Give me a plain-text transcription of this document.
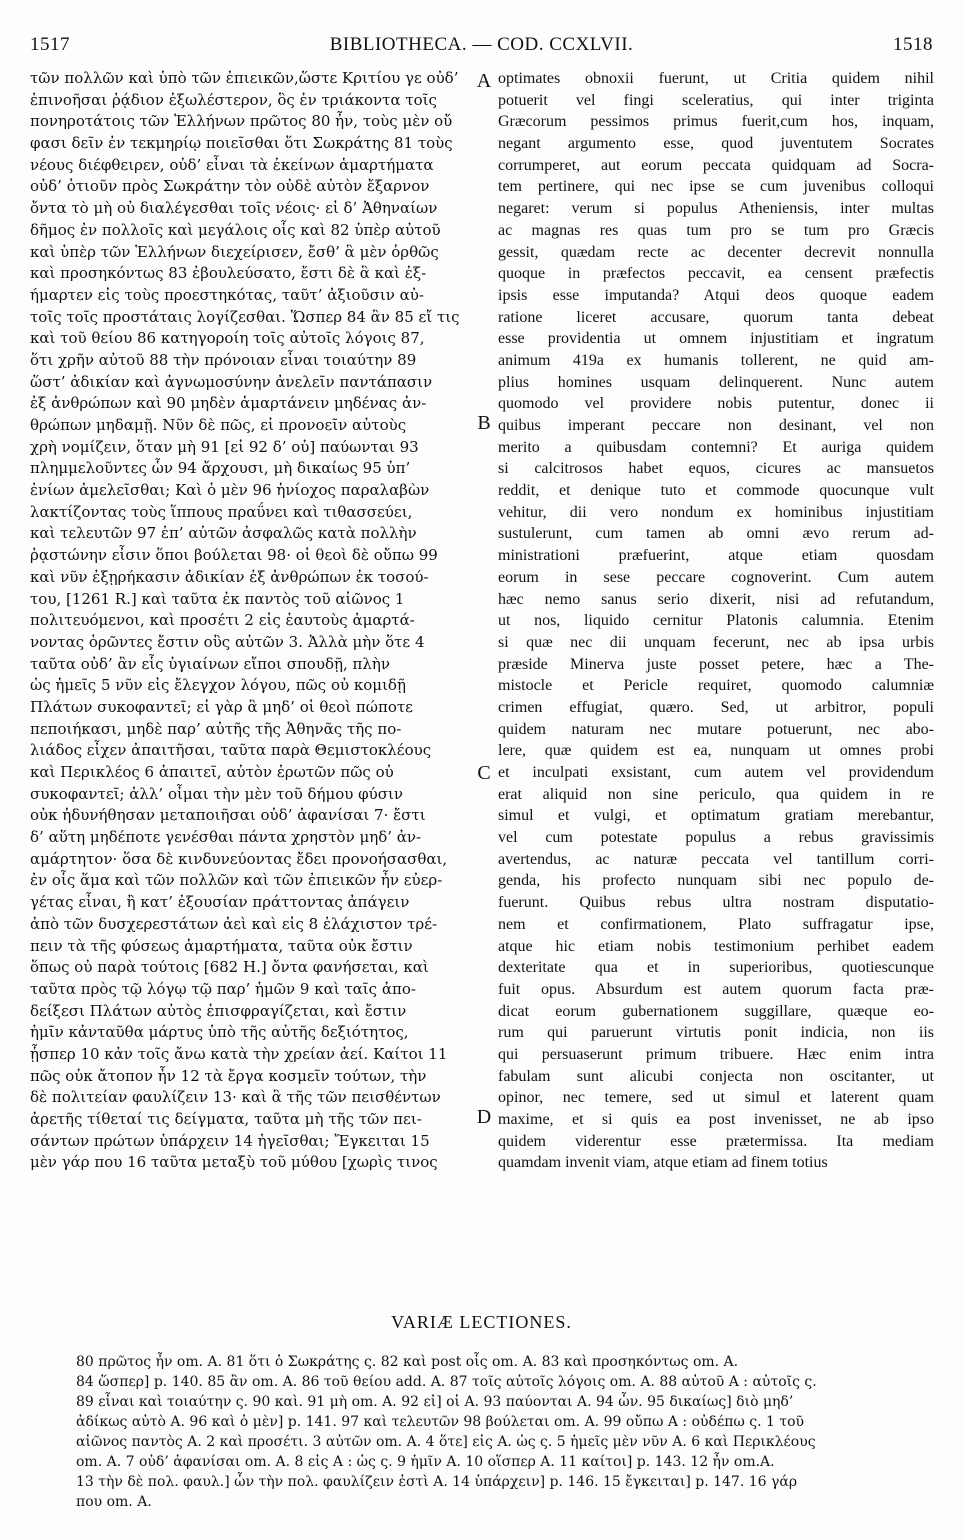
1517	BIBLIOTHECA. — COD. CCXLVII.	1518
τῶν πολλῶν καὶ ὑπὸ τῶν ἐπιεικῶν,ὥστε Κριτίου γε οὐδ’
ἐπινοῆσαι ῥᾴδιον ἐξωλέστερον, ὃς ἐν τριάκοντα τοῖς
πονηροτάτοις τῶν Ἑλλήνων πρῶτος 80 ἦν, τοὺς μὲν οὔ
φασι δεῖν ἐν τεκμηρίῳ ποιεῖσθαι ὅτι Σωκράτης 81 τοὺς
νέους διέφθειρεν, οὐδ’ εἶναι τὰ ἐκείνων ἁμαρτήματα
οὐδ’ ὁτιοῦν πρὸς Σωκράτην τὸν οὐδὲ αὐτὸν ἔξαρνον
ὄντα τὸ μὴ οὐ διαλέγεσθαι τοῖς νέοις· εἰ δ’ Ἀθηναίων
δῆμος ἐν πολλοῖς καὶ μεγάλοις οἷς καὶ 82 ὑπὲρ αὐτοῦ
καὶ ὑπὲρ τῶν Ἑλλήνων διεχείρισεν, ἔσθ’ ἃ μὲν ὀρθῶς
καὶ προσηκόντως 83 ἐβουλεύσατο, ἔστι δὲ ἃ καὶ ἐξ-
ήμαρτεν εἰς τοὺς προεστηκότας, ταῦτ’ ἀξιοῦσιν αὐ-
τοῖς τοῖς προστάταις λογίζεσθαι. Ὥσπερ 84 ἂν 85 εἴ τις
καὶ τοῦ θείου 86 κατηγοροίη τοῖς αὐτοῖς λόγοις 87,
ὅτι χρῆν αὐτοῦ 88 τὴν πρόνοιαν εἶναι τοιαύτην 89
ὥστ’ ἀδικίαν καὶ ἀγνωμοσύνην ἀνελεῖν παντάπασιν
ἐξ ἀνθρώπων καὶ 90 μηδὲν ἁμαρτάνειν μηδένας ἀν-
θρώπων μηδαμῇ. Νῦν δὲ πῶς, εἰ προνοεῖν αὐτοὺς
χρὴ νομίζειν, ὅταν μὴ 91 [εἰ 92 δ’ οὐ] παύωνται 93
πλημμελοῦντες ὧν 94 ἄρχουσι, μὴ δικαίως 95 ὑπ’
ἐνίων ἀμελεῖσθαι; Καὶ ὁ μὲν 96 ἡνίοχος παραλαβὼν
λακτίζοντας τοὺς ἵππους πραΰνει καὶ τιθασσεύει,
καὶ τελευτῶν 97 ἐπ’ αὐτῶν ἀσφαλῶς κατὰ πολλὴν
ῥᾳστώνην εἶσιν ὅποι βούλεται 98· οἱ θεοὶ δὲ οὔπω 99
καὶ νῦν ἐξῃρήκασιν ἀδικίαν ἐξ ἀνθρώπων ἐκ τοσού-
του, [1261 R.] καὶ ταῦτα ἐκ παντὸς τοῦ αἰῶνος 1
πολιτευόμενοι, καὶ προσέτι 2 εἰς ἑαυτοὺς ἁμαρτά-
νοντας ὁρῶντες ἔστιν οὓς αὐτῶν 3. Ἀλλὰ μὴν ὅτε 4
ταῦτα οὐδ’ ἂν εἷς ὑγιαίνων εἴποι σπουδῇ, πλὴν
ὡς ἡμεῖς 5 νῦν εἰς ἔλεγχον λόγου, πῶς οὐ κομιδῇ
Πλάτων συκοφαντεῖ; εἰ γὰρ ἃ μηδ’ οἱ θεοὶ πώποτε
πεποιήκασι, μηδὲ παρ’ αὐτῆς τῆς Ἀθηνᾶς τῆς πο-
λιάδος εἶχεν ἀπαιτῆσαι, ταῦτα παρὰ Θεμιστοκλέους
καὶ Περικλέος 6 ἀπαιτεῖ, αὐτὸν ἐρωτῶν πῶς οὐ
συκοφαντεῖ; ἀλλ’ οἶμαι τὴν μὲν τοῦ δήμου φύσιν
οὐκ ἠδυνήθησαν μεταποιῆσαι οὐδ’ ἀφανίσαι 7· ἔστι
δ’ αὕτη μηδέποτε γενέσθαι πάντα χρηστὸν μηδ’ ἀν-
αμάρτητον· ὅσα δὲ κινδυνεύοντας ἔδει προνοήσασθαι,
ἐν οἷς ἅμα καὶ τῶν πολλῶν καὶ τῶν ἐπιεικῶν ἦν εὐερ-
γέτας εἶναι, ἢ κατ’ ἐξουσίαν πράττοντας ἀπάγειν
ἀπὸ τῶν δυσχερεστάτων ἀεὶ καὶ εἰς 8 ἐλάχιστον τρέ-
πειν τὰ τῆς φύσεως ἁμαρτήματα, ταῦτα οὐκ ἔστιν
ὅπως οὐ παρὰ τούτοις [682 H.] ὄντα φανήσεται, καὶ
ταῦτα πρὸς τῷ λόγῳ τῷ παρ’ ἡμῶν 9 καὶ ταῖς ἀπο-
δείξεσι Πλάτων αὐτὸς ἐπισφραγίζεται, καὶ ἔστιν
ἡμῖν κἀνταῦθα μάρτυς ὑπὸ τῆς αὐτῆς δεξιότητος,
ᾗσπερ 10 κἀν τοῖς ἄνω κατὰ τὴν χρείαν ἀεί. Καίτοι 11
πῶς οὐκ ἄτοπον ἦν 12 τὰ ἔργα κοσμεῖν τούτων, τὴν
δὲ πολιτείαν φαυλίζειν 13· καὶ ἃ τῆς τῶν πεισθέντων
ἀρετῆς τίθεταί τις δείγματα, ταῦτα μὴ τῆς τῶν πει-
σάντων πρώτων ὑπάρχειν 14 ἡγεῖσθαι; Ἔγκειται 15
μὲν γάρ που 16 ταῦτα μεταξὺ τοῦ μύθου [χωρὶς τινος
optimates obnoxii fuerunt, ut Critia quidem nihil
potuerit vel fingi sceleratius, qui inter triginta
Græcorum pessimos primus fuerit,cum hos, inquam,
negant argumento esse, quod juventutem Socrates
corrumperet, aut eorum peccata quidquam ad Socra-
tem pertinere, qui nec ipse se cum juvenibus colloqui
negaret: verum si populus Atheniensis, inter multas
ac magnas res quas tum pro se tum pro Græcis
gessit, quædam recte ac decenter decrevit nonnulla
quoque in præfectos peccavit, ea censent præfectis
ipsis esse imputanda? Atqui deos quoque eadem
ratione liceret accusare, quorum tanta debeat
esse providentia ut omnem injustitiam et ingratum
animum 419a ex humanis tollerent, ne quid am-
plius homines usquam delinquerent. Nunc autem
quomodo vel providere nobis putentur, donec ii
quibus imperant peccare non desinant, vel non
merito a quibusdam contemni? Et auriga quidem
si calcitrosos habet equos, cicures ac mansuetos
reddit, et denique tuto et commode quocunque vult
vehitur, dii vero nondum ex hominibus injustitiam
sustulerunt, cum tamen ab omni ævo rerum ad-
ministrationi præfuerint, atque etiam quosdam
eorum in sese peccare cognoverint. Cum autem
hæc nemo sanus serio dixerit, nisi ad refutandum,
ut nos, liquido cernitur Platonis calumnia. Etenim
si quæ nec dii unquam fecerunt, nec ab ipsa urbis
præside Minerva juste posset petere, hæc a The-
mistocle et Pericle requiret, quomodo calumniæ
crimen effugiat, quæro. Sed, ut arbitror, populi
quidem naturam nec mutare potuerunt, nec abo-
lere, quæ quidem est ea, nunquam ut omnes probi
et inculpati exsistant, cum autem vel providendum
erat aliquid non sine periculo, qua quidem in re
simul et vulgi, et optimatum gratiam merebantur,
vel cum potestate populus a rebus gravissimis
avertendus, ac naturæ peccata vel tantillum corri-
genda, his profecto nunquam sibi nec populo de-
fuerunt. Quibus rebus ultra nostram disputatio-
nem et confirmationem, Plato suffragatur ipse,
atque hic etiam nobis testimonium perhibet eadem
dexteritate qua et in superioribus, quotiescunque
fuit opus. Absurdum est autem quorum facta præ-
dicat eorum gubernationem suggillare, quæque eo-
rum qui paruerunt virtutis ponit indicia, non iis
qui persuaserunt primum tribuere. Hæc enim intra
fabulam sunt alicubi conjecta non oscitanter, ut
opinor, nec temere, sed ut simul et laterent quam
maxime, et si quis ea post invenisset, ne ab ipso
quidem viderentur esse prætermissa. Ita mediam
quamdam invenit viam, atque etiam ad finem totius
A
B
C
D
VARIÆ LECTIONES.
80 πρῶτος ἦν om. A. 81 ὅτι ὁ Σωκράτης ς. 82 καὶ post οἷς om. A. 83 καὶ προσηκόντως om. A.
84 ὥσπερ] p. 140. 85 ἂν om. A. 86 τοῦ θείου add. A. 87 τοῖς αὐτοῖς λόγοις om. A. 88 αὐτοῦ A : αὐτοῖς ς.
89 εἶναι καὶ τοιαύτην ς. 90 καὶ. 91 μὴ om. A. 92 εἰ] οἱ A. 93 παύονται A. 94 ὧν. 95 δικαίως] διὸ μηδ’
ἀδίκως αὐτὸ A. 96 καὶ ὁ μὲν] p. 141. 97 καὶ τελευτῶν 98 βούλεται om. A. 99 οὔπω A : οὐδέπω ς. 1 τοῦ
αἰῶνος παντὸς A. 2 καὶ προσέτι. 3 αὐτῶν om. A. 4 ὅτε] εἰς A. ὡς ς. 5 ἡμεῖς μὲν νῦν A. 6 καὶ Περικλέους
om. A. 7 οὐδ’ ἀφανίσαι om. A. 8 εἰς A : ὡς ς. 9 ἡμῖν A. 10 οἵσπερ A. 11 καίτοι] p. 143. 12 ἦν om.A.
13 τὴν δὲ πολ. φαυλ.] ὧν τὴν πολ. φαυλίζειν ἐστὶ A. 14 ὑπάρχειν] p. 146. 15 ἔγκειται] p. 147. 16 γάρ
που om. A.
